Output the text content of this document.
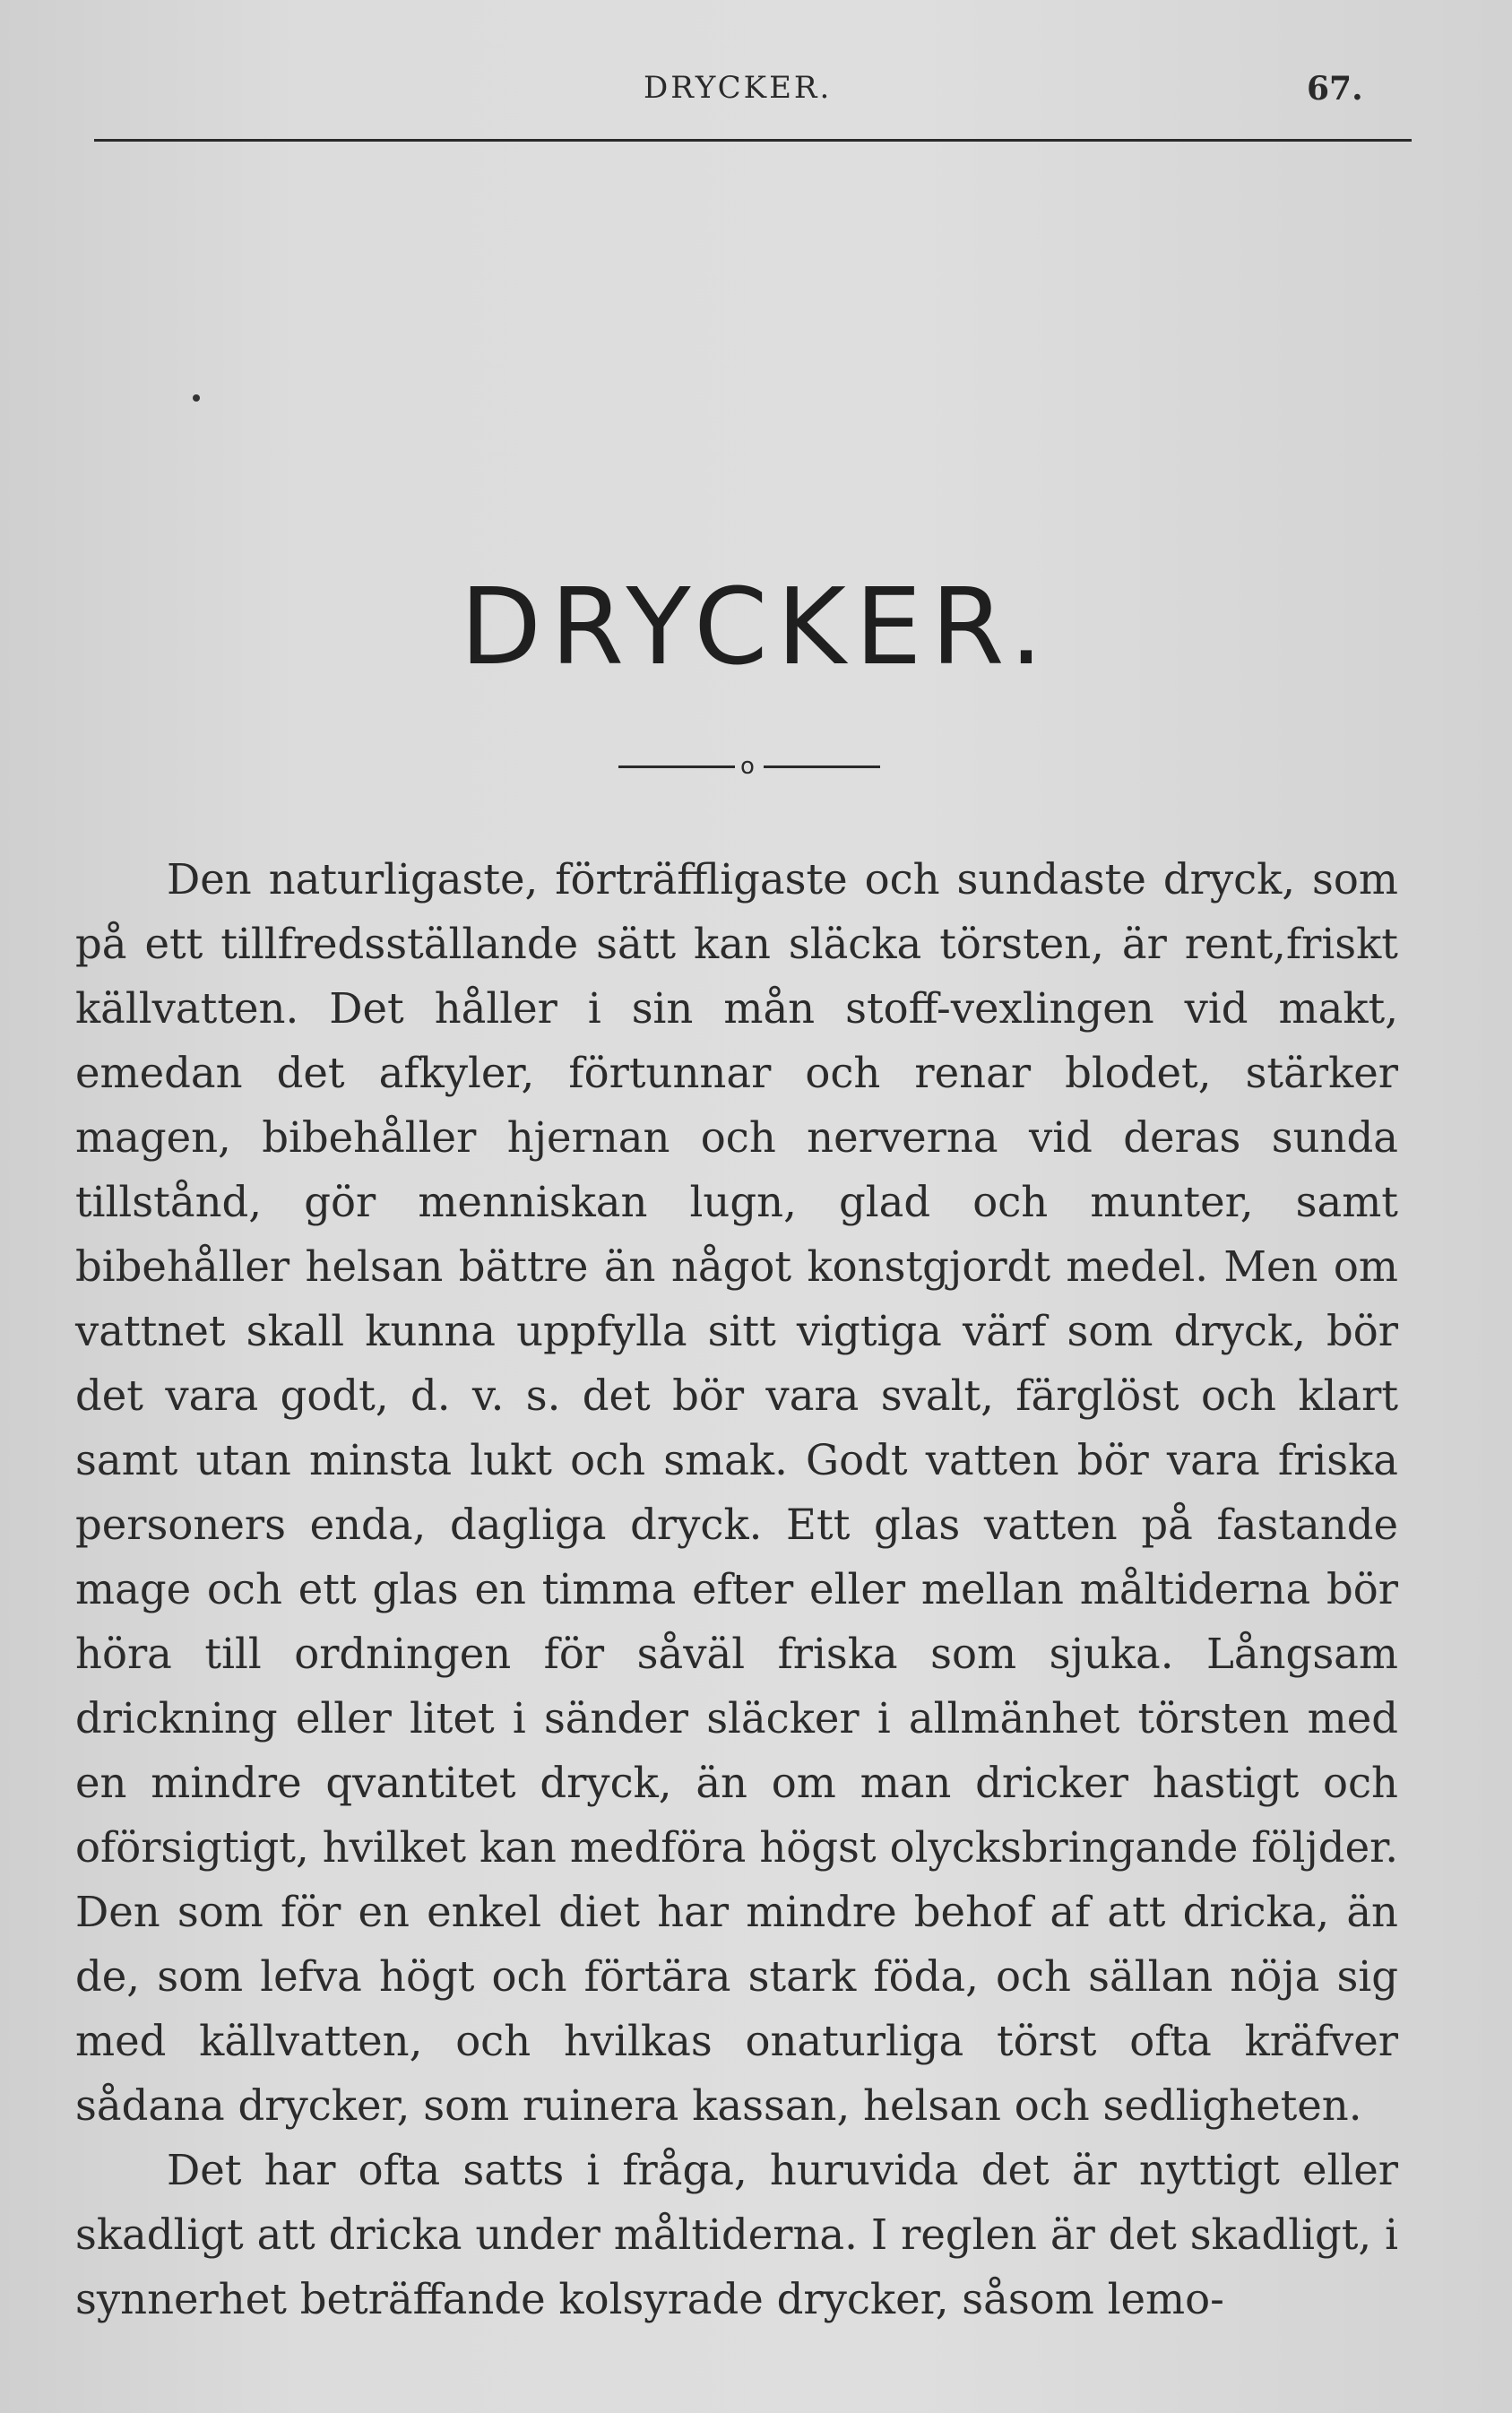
DRYCKER.	67.
DRYCKER.
o

Den naturligaste, förträffligaste och sundaste dryck, som på ett tillfredsställande sätt kan släcka törsten, är rent,friskt källvatten. Det håller i sin mån stoff-vexlingen vid makt, emedan det afkyler, förtunnar och renar blodet, stärker magen, bibehåller hjernan och nerverna vid deras sunda tillstånd, gör menniskan lugn, glad och munter, samt bibehåller helsan bättre än något konstgjordt medel. Men om vattnet skall kunna uppfylla sitt vigtiga värf som dryck, bör det vara godt, d. v. s. det bör vara svalt, färglöst och klart samt utan minsta lukt och smak. Godt vatten bör vara friska personers enda, dagliga dryck. Ett glas vatten på fastande mage och ett glas en timma efter eller mellan måltiderna bör höra till ordningen för såväl friska som sjuka. Långsam drickning eller litet i sänder släcker i allmänhet törsten med en mindre qvantitet dryck, än om man dricker hastigt och oförsigtigt, hvilket kan medföra högst olycksbringande följder. Den som för en enkel diet har mindre behof af att dricka, än de, som lefva högt och förtära stark föda, och sällan nöja sig med källvatten, och hvilkas onaturliga törst ofta kräfver sådana drycker, som ruinera kassan, helsan och sedligheten.

Det har ofta satts i fråga, huruvida det är nyttigt eller skadligt att dricka under måltiderna. I reglen är det skadligt, i synnerhet beträffande kolsyrade drycker, såsom lemo-
